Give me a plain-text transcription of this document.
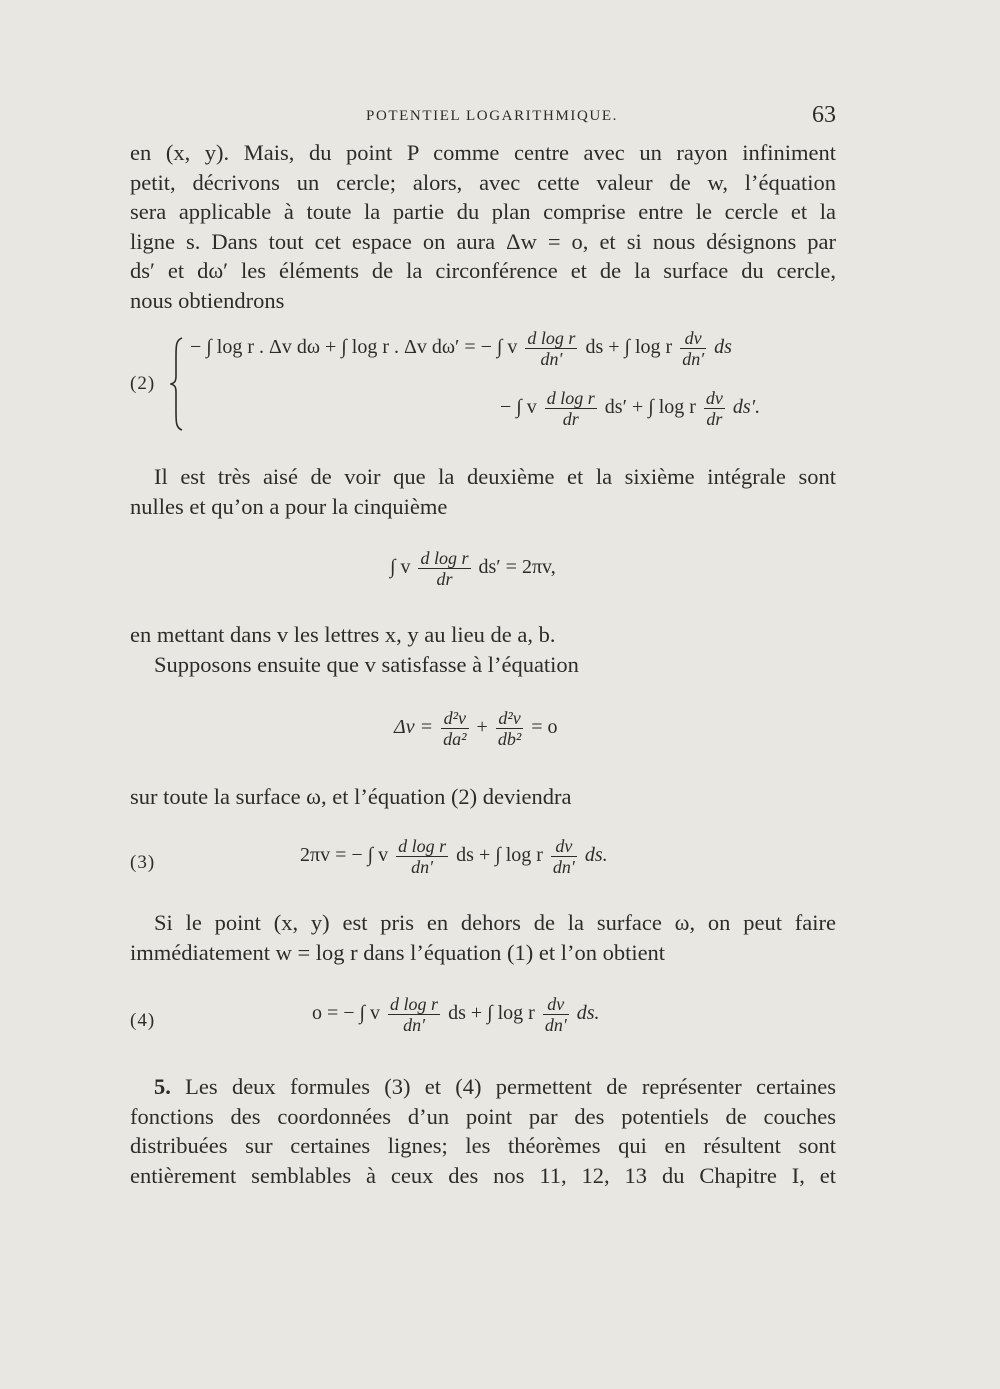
POTENTIEL LOGARITHMIQUE.	63
en (x, y). Mais, du point P comme centre avec un rayon infiniment
petit, décrivons un cercle; alors, avec cette valeur de w, l’équation
sera applicable à toute la partie du plan comprise entre le cercle et la
ligne s. Dans tout cet espace on aura Δw = o, et si nous désignons par
ds′ et dω′ les éléments de la circonférence et de la surface du cercle,
nous obtiendrons
(2)
− ∫ log r . Δv dω + ∫ log r . Δv dω′ = − ∫ v $\frac{\text{d log r}}{dn'}$ ds + ∫ log r $\frac{dv}{dn'}$ ds
− ∫ v $\frac{\text{d log r}}{dr} ds'$ + ∫ log r $\frac{dv}{dr} ds'$.
Il est très aisé de voir que la deuxième et la sixième intégrale sont
nulles et qu’on a pour la cinquième
∫ v $\frac{\text{d log r}}{dr} ds' = 2\pi v$,
en mettant dans v les lettres x, y au lieu de a, b.
Supposons ensuite que v satisfasse à l’équation
$\Delta v = \frac{\text{d²v}}{\text{da²}} + \frac{\text{d²v}}{\text{db²}} = o$
sur toute la surface ω, et l’équation (2) deviendra
(3)	2πv = − ∫ v $\frac{\text{d log r}}{dn'}$ ds + ∫ log r $\frac{dv}{dn'}$ ds.
Si le point (x, y) est pris en dehors de la surface ω, on peut faire
immédiatement w = log r dans l’équation (1) et l’on obtient
(4)	o = − ∫ v $\frac{\text{d log r}}{dn'}$ ds + ∫ log r $\frac{dv}{dn'}$ ds.
5. Les deux formules (3) et (4) permettent de représenter certaines
fonctions des coordonnées d’un point par des potentiels de couches
distribuées sur certaines lignes; les théorèmes qui en résultent sont
entièrement semblables à ceux des nos 11, 12, 13 du Chapitre I, et
